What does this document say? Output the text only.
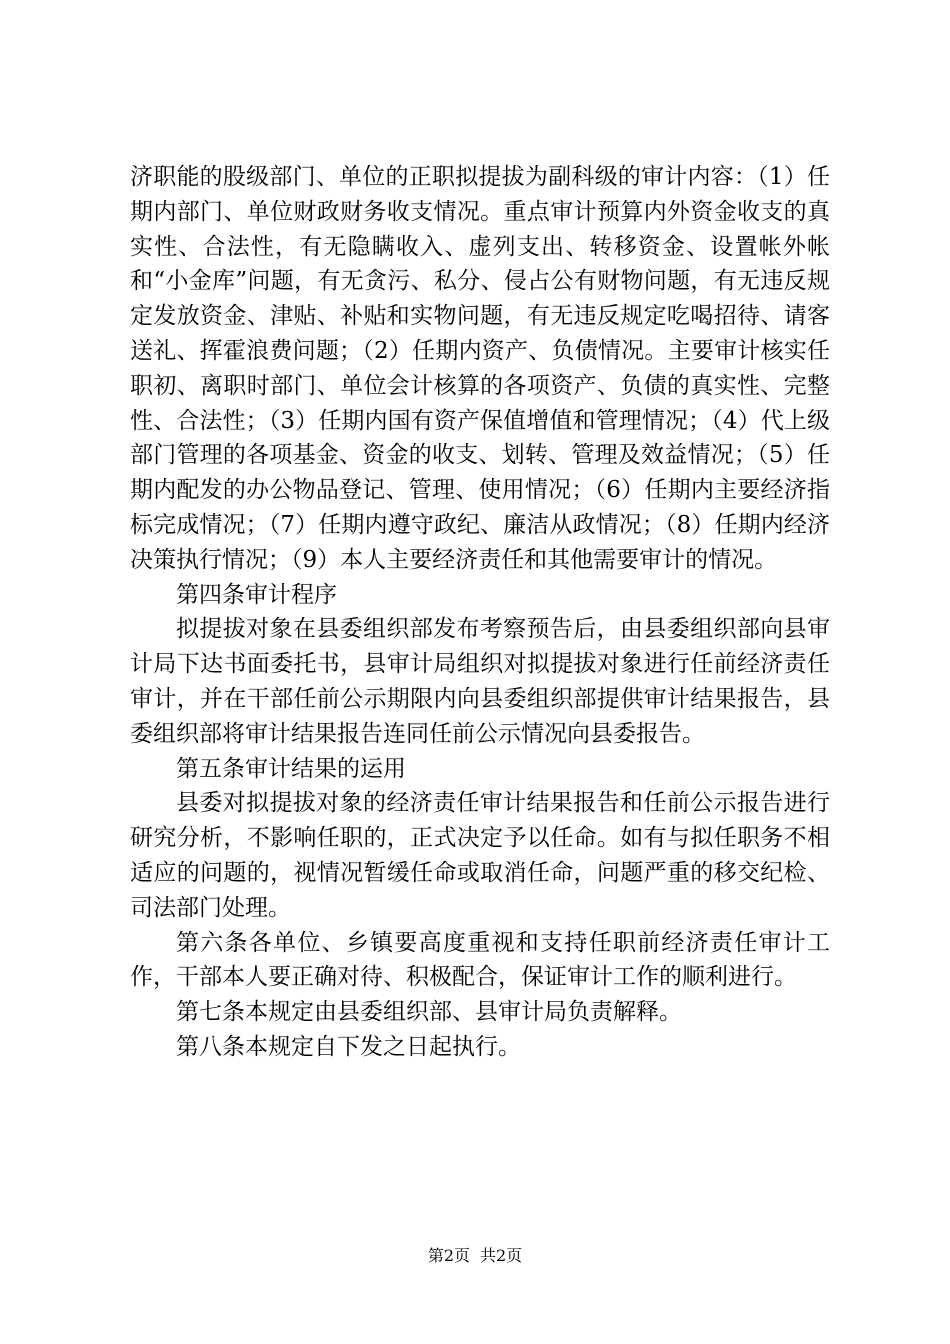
济职能的股级部门、单位的正职拟提拔为副科级的审计内容：（1）任期内部门、单位财政财务收支情况。重点审计预算内外资金收支的真实性、合法性，有无隐瞒收入、虚列支出、转移资金、设置帐外帐和“小金库”问题，有无贪污、私分、侵占公有财物问题，有无违反规定发放资金、津贴、补贴和实物问题，有无违反规定吃喝招待、请客送礼、挥霍浪费问题；（2）任期内资产、负债情况。主要审计核实任职初、离职时部门、单位会计核算的各项资产、负债的真实性、完整性、合法性；（3）任期内国有资产保值增值和管理情况；（4）代上级部门管理的各项基金、资金的收支、划转、管理及效益情况；（5）任期内配发的办公物品登记、管理、使用情况；（6）任期内主要经济指标完成情况；（7）任期内遵守政纪、廉洁从政情况；（8）任期内经济决策执行情况；（9）本人主要经济责任和其他需要审计的情况。

第四条审计程序

拟提拔对象在县委组织部发布考察预告后，由县委组织部向县审计局下达书面委托书，县审计局组织对拟提拔对象进行任前经济责任审计，并在干部任前公示期限内向县委组织部提供审计结果报告，县委组织部将审计结果报告连同任前公示情况向县委报告。

第五条审计结果的运用

县委对拟提拔对象的经济责任审计结果报告和任前公示报告进行研究分析，不影响任职的，正式决定予以任命。如有与拟任职务不相适应的问题的，视情况暂缓任命或取消任命，问题严重的移交纪检、司法部门处理。

第六条各单位、乡镇要高度重视和支持任职前经济责任审计工作，干部本人要正确对待、积极配合，保证审计工作的顺利进行。

第七条本规定由县委组织部、县审计局负责解释。

第八条本规定自下发之日起执行。

第2页 共2页
